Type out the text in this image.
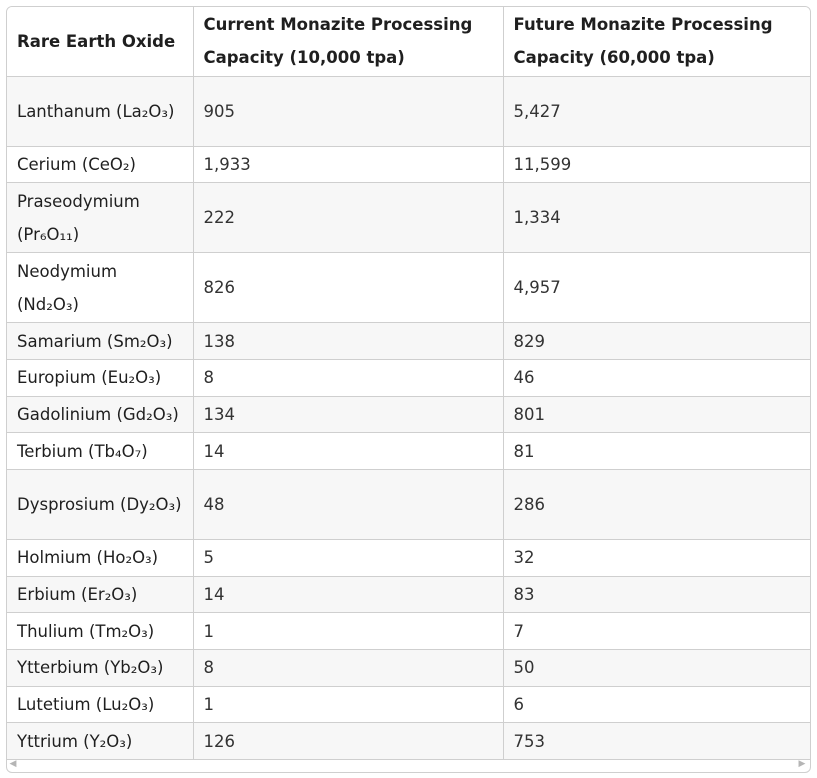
Rare Earth Oxide	Current Monazite Processing Capacity (10,000 tpa)	Future Monazite Processing Capacity (60,000 tpa)
Lanthanum (La₂O₃)	905	5,427
Cerium (CeO₂)	1,933	11,599
Praseodymium (Pr₆O₁₁)	222	1,334
Neodymium (Nd₂O₃)	826	4,957
Samarium (Sm₂O₃)	138	829
Europium (Eu₂O₃)	8	46
Gadolinium (Gd₂O₃)	134	801
Terbium (Tb₄O₇)	14	81
Dysprosium (Dy₂O₃)	48	286
Holmium (Ho₂O₃)	5	32
Erbium (Er₂O₃)	14	83
Thulium (Tm₂O₃)	1	7
Ytterbium (Yb₂O₃)	8	50
Lutetium (Lu₂O₃)	1	6
Yttrium (Y₂O₃)	126	753
◀	▶
